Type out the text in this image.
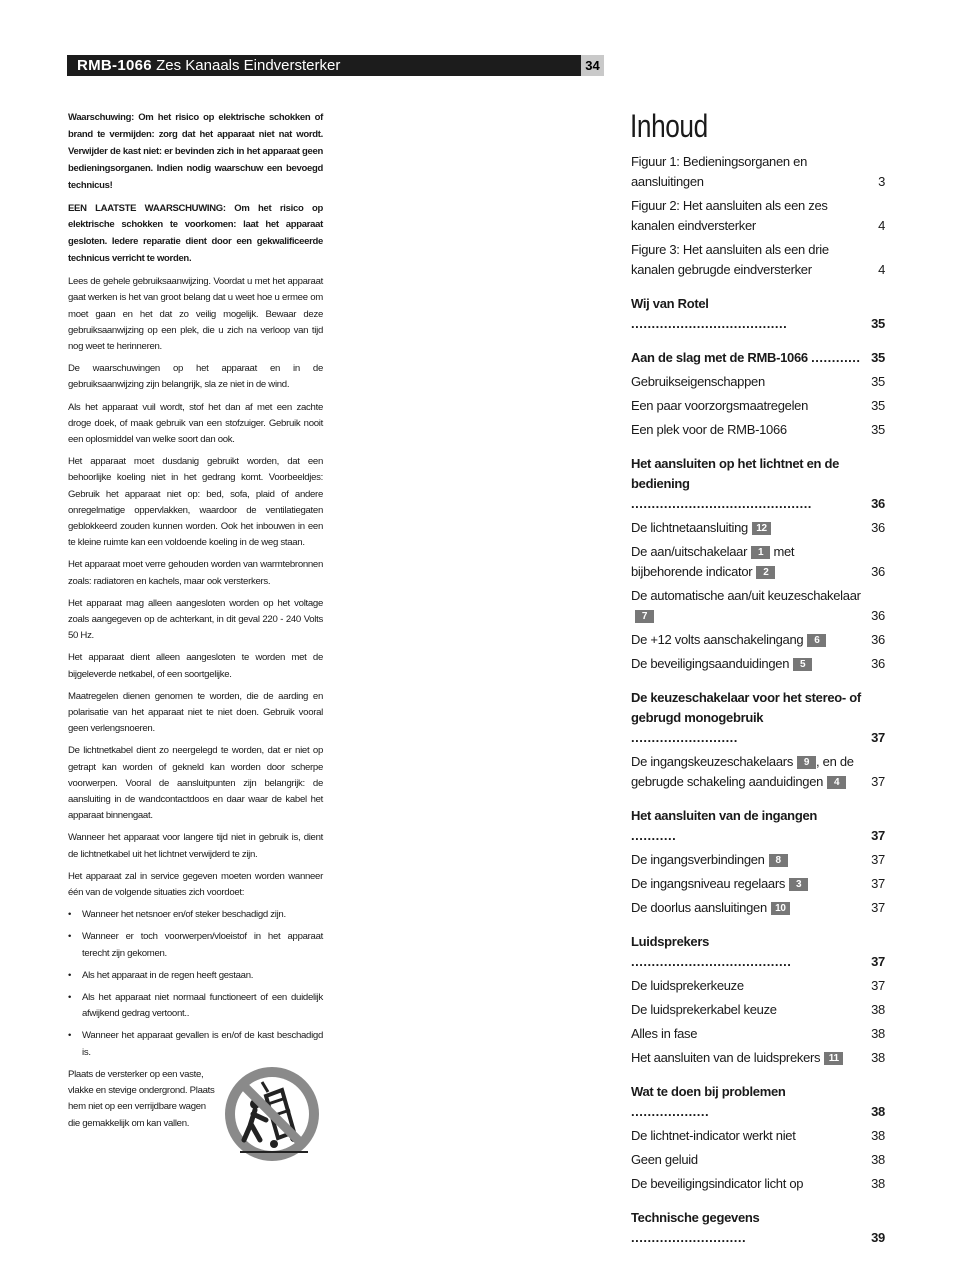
RMB-1066 Zes Kanaals Eindversterker	34

Waarschuwing: Om het risico op elektrische schokken of brand te vermijden: zorg dat het apparaat niet nat wordt. Verwijder de kast niet: er bevinden zich in het apparaat geen bedieningsorganen. Indien nodig waarschuw een bevoegd technicus!

EEN LAATSTE WAARSCHUWING: Om het risico op elektrische schokken te voorkomen: laat het apparaat gesloten. Iedere reparatie dient door een gekwalificeerde technicus verricht te worden.

Lees de gehele gebruiksaanwijzing. Voordat u met het apparaat gaat werken is het van groot belang dat u weet hoe u ermee om moet gaan en het dat zo veilig mogelijk. Bewaar deze gebruiksaanwijzing op een plek, die u zich na verloop van tijd nog weet te herinneren.

De waarschuwingen op het apparaat en in de gebruiksaanwijzing zijn belangrijk, sla ze niet in de wind.

Als het apparaat vuil wordt, stof het dan af met een zachte droge doek, of maak gebruik van een stofzuiger. Gebruik nooit een oplosmiddel van welke soort dan ook.

Het apparaat moet dusdanig gebruikt worden, dat een behoorlijke koeling niet in het gedrang komt. Voorbeeldjes: Gebruik het apparaat niet op: bed, sofa, plaid of andere onregelmatige oppervlakken, waardoor de ventilatiegaten geblokkeerd zouden kunnen worden. Ook het inbouwen in een te kleine ruimte kan een voldoende koeling in de weg staan.

Het apparaat moet verre gehouden worden van warmtebronnen zoals: radiatoren en kachels, maar ook versterkers.

Het apparaat mag alleen aangesloten worden op het voltage zoals aangegeven op de achterkant, in dit geval 220 - 240 Volts 50 Hz.

Het apparaat dient alleen aangesloten te worden met de bijgeleverde netkabel, of een soortgelijke.

Maatregelen dienen genomen te worden, die de aarding en polarisatie van het apparaat niet te niet doen. Gebruik vooral geen verlengsnoeren.

De lichtnetkabel dient zo neergelegd te worden, dat er niet op getrapt kan worden of gekneld kan worden door scherpe voorwerpen. Vooral de aansluitpunten zijn belangrijk: de aansluiting in de wandcontactdoos en daar waar de kabel het apparaat binnengaat.

Wanneer het apparaat voor langere tijd niet in gebruik is, dient de lichtnetkabel uit het lichtnet verwijderd te zijn.

Het apparaat zal in service gegeven moeten worden wanneer één van de volgende situaties zich voordoet:

• Wanneer het netsnoer en/of steker beschadigd zijn.
• Wanneer er toch voorwerpen/vloeistof in het apparaat terecht zijn gekomen.
• Als het apparaat in de regen heeft gestaan.
• Als het apparaat niet normaal functioneert of een duidelijk afwijkend gedrag vertoont..
• Wanneer het apparaat gevallen is en/of de kast beschadigd is.

Plaats de versterker op een vaste, vlakke en stevige ondergrond. Plaats hem niet op een verrijdbare wagen die gemakkelijk om kan vallen.

Inhoud
Figuur 1: Bedieningsorganen en aansluitingen	3
Figuur 2: Het aansluiten als een zes kanalen eindversterker	4
Figure 3: Het aansluiten als een drie kanalen gebrugde eindversterker	4
Wij van Rotel ......................................	35
Aan de slag met de RMB-1066 ............ 35
Gebruikseigenschappen	35
Een paar voorzorgsmaatregelen	35
Een plek voor de RMB-1066	35
Het aansluiten op het lichtnet en de
bediening ............................................	36
De lichtnetaansluiting 12	36
De aan/uitschakelaar 1 met bijbehorende indicator 2	36
De automatische aan/uit keuzeschakelaar7	36
De +12 volts aanschakelingang 6	36
De beveiligingsaanduidingen 5	36
De keuzeschakelaar voor het stereo- of
gebrugd monogebruik ..........................	37
De ingangskeuzeschakelaars 9 , en de gebrugde schakeling aanduidingen 4	37
Het aansluiten van de ingangen ...........	37
De ingangsverbindingen 8	37
De ingangsniveau regelaars 3	37
De doorlus aansluitingen 10	37
Luidsprekers .......................................	37
De luidsprekerkeuze	37
De luidsprekerkabel keuze	38
Alles in fase	38
Het aansluiten van de luidsprekers 11	38
Wat te doen bij problemen ...................	38
De lichtnet-indicator werkt niet	38
Geen geluid	38
De beveiligingsindicator licht op	38
Technische gegevens ............................	39
